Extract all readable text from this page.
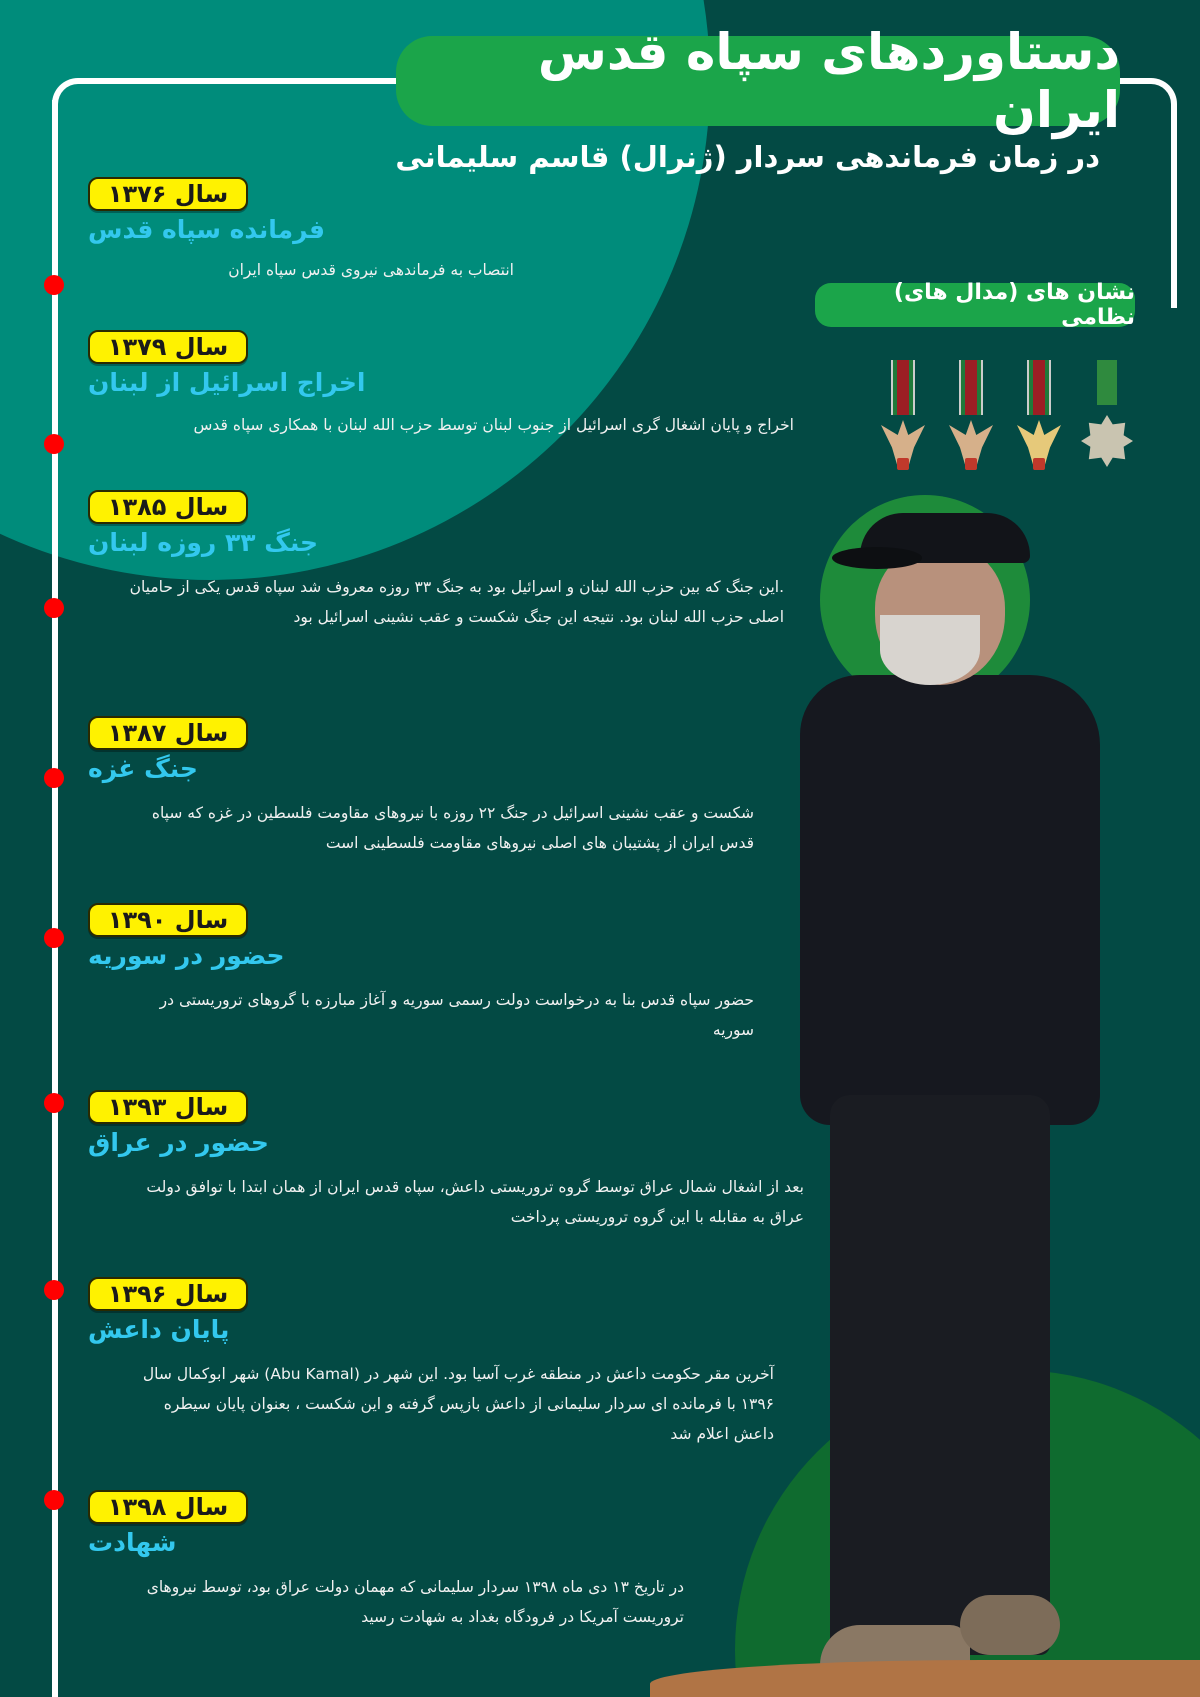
دستاوردهای سپاه قدس ایران
در زمان فرماندهی سردار (ژنرال) قاسم سلیمانی
نشان های (مدال های) نظامی
سال ۱۳۷۶
فرمانده سپاه قدس
انتصاب به فرماندهی نیروی قدس سپاه ایران
سال ۱۳۷۹
اخراج اسرائیل از لبنان
اخراج و پایان اشغال گری اسرائیل از جنوب لبنان توسط حزب الله لبنان با همکاری سپاه قدس
سال ۱۳۸۵
جنگ ۳۳ روزه لبنان
.این جنگ که بین حزب الله لبنان و اسرائیل بود به جنگ ۳۳ روزه معروف شد سپاه قدس یکی از حامیان اصلی حزب الله لبنان بود. نتیجه این جنگ شکست و عقب نشینی اسرائیل بود
سال ۱۳۸۷
جنگ غزه
شکست و عقب نشینی اسرائیل در جنگ ۲۲ روزه با نیروهای مقاومت فلسطین در غزه که سپاه قدس ایران از پشتیبان های اصلی نیروهای مقاومت فلسطینی است
سال ۱۳۹۰
حضور در سوریه
حضور سپاه قدس بنا به درخواست دولت رسمی سوریه و آغاز مبارزه با گروهای تروریستی در سوریه
سال ۱۳۹۳
حضور در عراق
بعد از اشغال شمال عراق توسط گروه تروریستی داعش، سپاه قدس ایران از همان ابتدا با توافق دولت عراق به مقابله با این گروه تروریستی پرداخت
سال ۱۳۹۶
پایان داعش
آخرین مقر حکومت داعش در منطقه غرب آسیا بود. این شهر در (Abu Kamal) شهر ابوکمال سال ۱۳۹۶ با فرمانده ای سردار سلیمانی از داعش بازپس گرفته و این شکست ، بعنوان پایان سیطره داعش اعلام شد
سال ۱۳۹۸
شهادت
در تاریخ ۱۳ دی ماه ۱۳۹۸ سردار سلیمانی که مهمان دولت عراق بود، توسط نیروهای تروریست آمریکا در فرودگاه بغداد به شهادت رسید
